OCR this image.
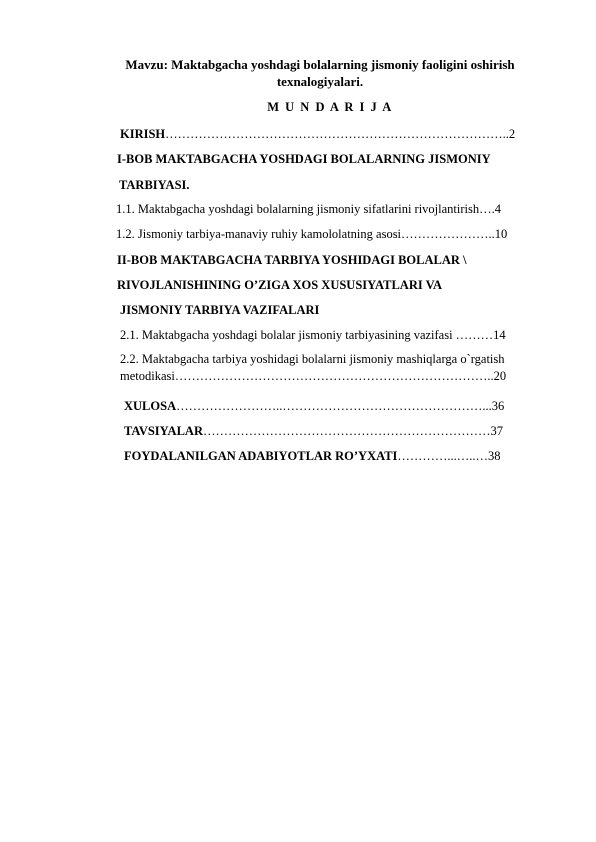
Mavzu: Maktabgacha yoshdagi bolalarning jismoniy faoligini oshirish
texnalogiyalari.
M U N D A R I J A
KIRISH………………………………………………………………………..2
I-BOB MAKTABGACHA YOSHDAGI BOLALARNING JISMONIY
TARBIYASI.
1.1. Maktabgacha yoshdagi bolalarning jismoniy sifatlarini rivojlantirish….4
1.2. Jismoniy tarbiya-manaviy ruhiy kamololatning asosi…………………..10
II-BOB MAKTABGACHA TARBIYA YOSHIDAGI BOLALAR \
RIVOJLANISHINING O’ZIGA XOS XUSUSIYATLARI VA
JISMONIY TARBIYA VAZIFALARI
2.1. Maktabgacha yoshdagi bolalar jismoniy tarbiyasining vazifasi ………14
2.2. Maktabgacha tarbiya yoshidagi bolalarni jismoniy mashiqlarga o`rgatish
metodikasi…………………………………………………………………..20
XULOSA……………………..…………………………………………...36
TAVSIYALAR……………………………………………………………37
FOYDALANILGAN ADABIYOTLAR RO’YXATI…………...…..…38
